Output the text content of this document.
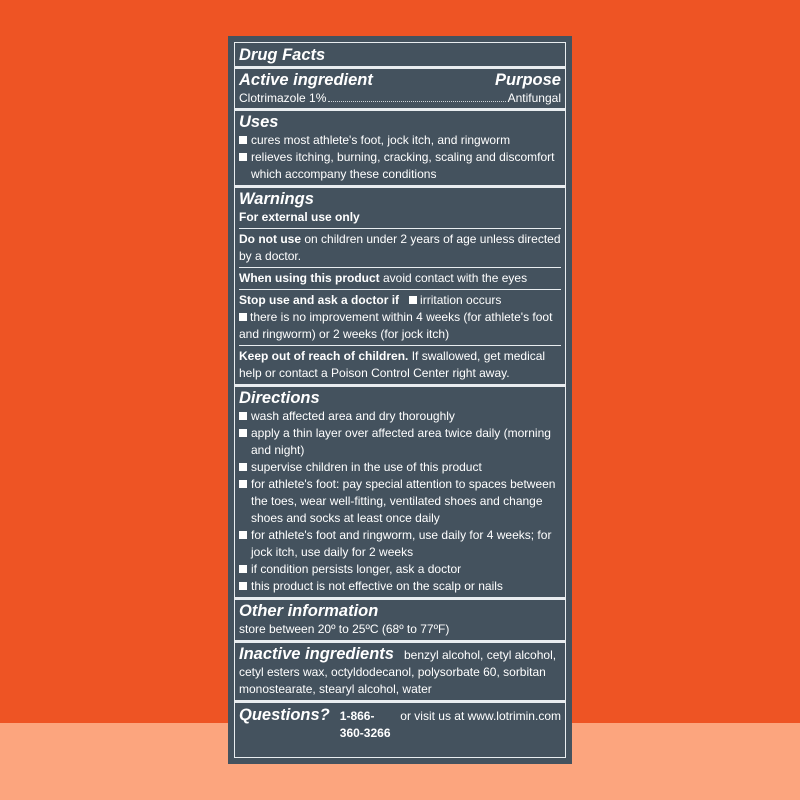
Drug Facts
Active ingredient	Purpose
Clotrimazole 1%	Antifungal
Uses
cures most athlete's foot, jock itch, and ringworm
relieves itching, burning, cracking, scaling and discomfort which accompany these conditions
Warnings
For external use only
Do not use on children under 2 years of age unless directed by a doctor.
When using this product avoid contact with the eyes
Stop use and ask a doctor if irritation occurs
there is no improvement within 4 weeks (for athlete's foot and ringworm) or 2 weeks (for jock itch)
Keep out of reach of children. If swallowed, get medical help or contact a Poison Control Center right away.
Directions
wash affected area and dry thoroughly
apply a thin layer over affected area twice daily (morning and night)
supervise children in the use of this product
for athlete's foot: pay special attention to spaces between the toes, wear well-fitting, ventilated shoes and change shoes and socks at least once daily
for athlete's foot and ringworm, use daily for 4 weeks; for jock itch, use daily for 2 weeks
if condition persists longer, ask a doctor
this product is not effective on the scalp or nails
Other information
store between 20º to 25ºC (68º to 77ºF)
Inactive ingredients benzyl alcohol, cetyl alcohol, cetyl esters wax, octyldodecanol, polysorbate 60, sorbitan monostearate, stearyl alcohol, water
Questions?
1-866-360-3266
or visit us at www.lotrimin.com
